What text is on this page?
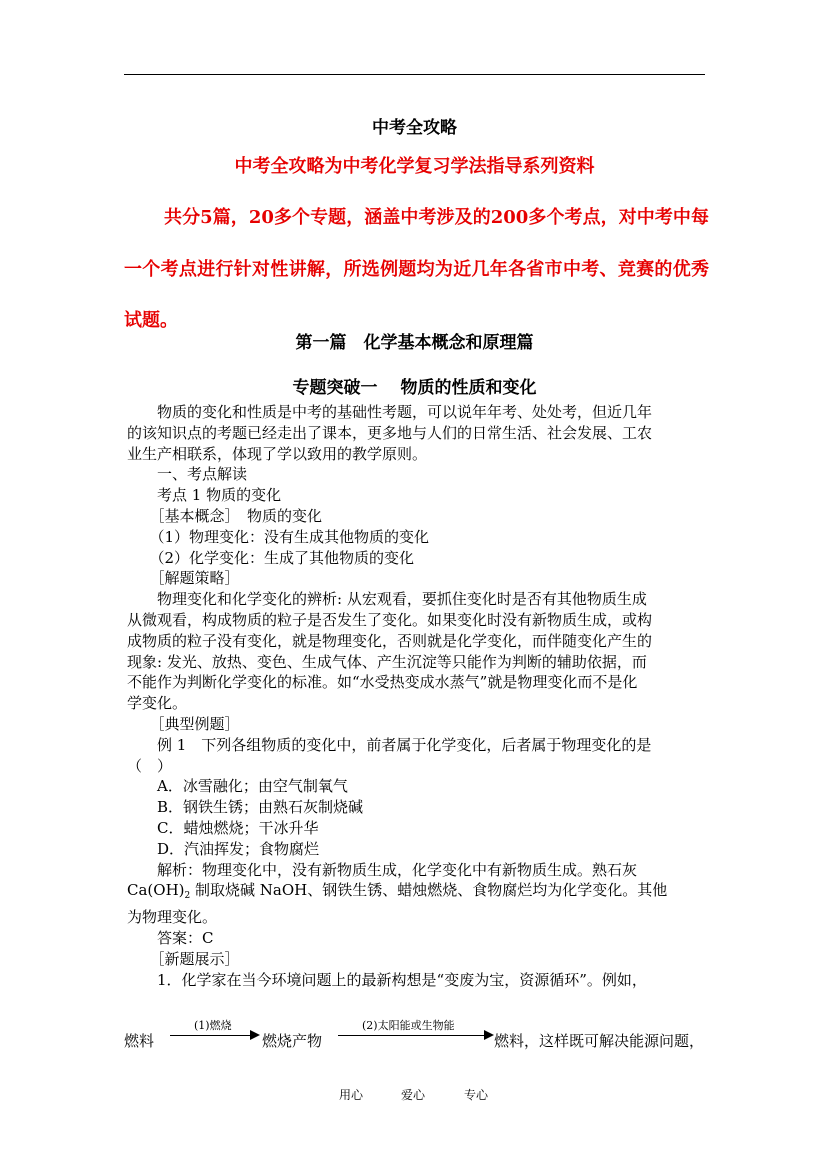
中考全攻略
中考全攻略为中考化学复习学法指导系列资料
共分5篇，20多个专题，涵盖中考涉及的200多个考点，对中考中每一个考点进行针对性讲解，所选例题均为近几年各省市中考、竞赛的优秀试题。
第一篇　化学基本概念和原理篇
专题突破一　 物质的性质和变化

　　物质的变化和性质是中考的基础性考题，可以说年年考、处处考，但近几年

的该知识点的考题已经走出了课本，更多地与人们的日常生活、社会发展、工农

业生产相联系，体现了学以致用的教学原则。

　　一、考点解读

　　考点 1 物质的变化

　　［基本概念］　物质的变化

　　（1）物理变化：没有生成其他物质的变化

　　（2）化学变化：生成了其他物质的变化

　　［解题策略］

　　物理变化和化学变化的辨析: 从宏观看，要抓住变化时是否有其他物质生成

从微观看，构成物质的粒子是否发生了变化。如果变化时没有新物质生成，或构

成物质的粒子没有变化，就是物理变化，否则就是化学变化，而伴随变化产生的

现象: 发光、放热、变色、生成气体、产生沉淀等只能作为判断的辅助依据，而

不能作为判断化学变化的标准。如“水受热变成水蒸气”就是物理变化而不是化

学变化。

　　［典型例题］

　　例 1　下列各组物质的变化中，前者属于化学变化，后者属于物理变化的是

（　）

　　A．冰雪融化；由空气制氧气

　　B．钢铁生锈；由熟石灰制烧碱

　　C．蜡烛燃烧；干冰升华

　　D．汽油挥发；食物腐烂

　　解析：物理变化中，没有新物质生成，化学变化中有新物质生成。熟石灰

$Ca(OH)_2$ 制取烧碱 NaOH、钢铁生锈、蜡烛燃烧、食物腐烂均为化学变化。其他

为物理变化。

　　答案：C

　　［新题展示］

　　1．化学家在当今环境问题上的最新构想是“变废为宝，资源循环”。例如，

燃料
(1)燃烧
燃烧产物
(2)太阳能或生物能
燃料，这样既可解决能源问题，
用心	爱心	专心
